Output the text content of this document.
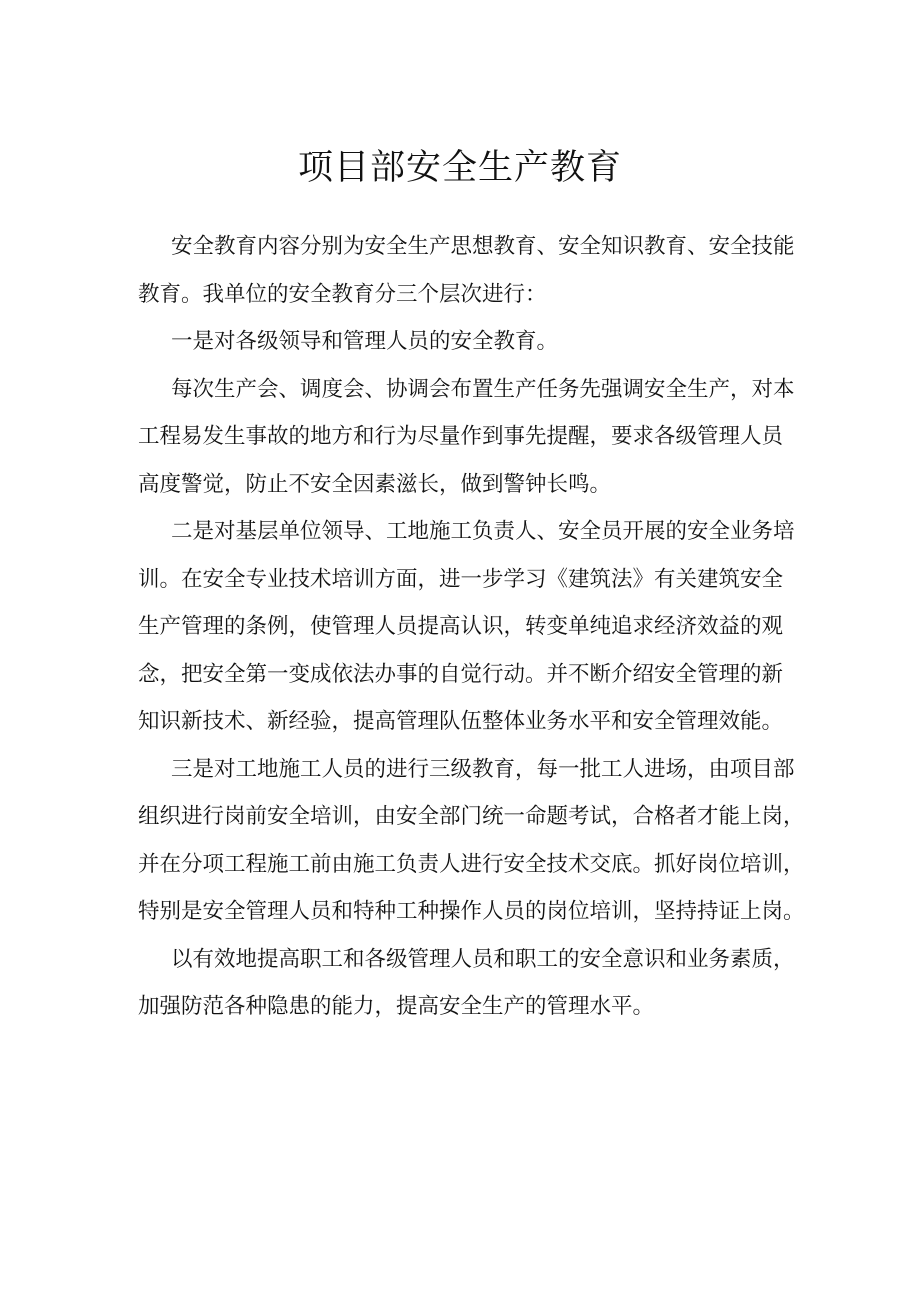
项目部安全生产教育

安全教育内容分别为安全生产思想教育、安全知识教育、安全技能
教育。我单位的安全教育分三个层次进行：

一是对各级领导和管理人员的安全教育。

每次生产会、调度会、协调会布置生产任务先强调安全生产，对本
工程易发生事故的地方和行为尽量作到事先提醒，要求各级管理人员
高度警觉，防止不安全因素滋长，做到警钟长鸣。

二是对基层单位领导、工地施工负责人、安全员开展的安全业务培
训。在安全专业技术培训方面，进一步学习《建筑法》有关建筑安全
生产管理的条例，使管理人员提高认识，转变单纯追求经济效益的观
念，把安全第一变成依法办事的自觉行动。并不断介绍安全管理的新
知识新技术、新经验，提高管理队伍整体业务水平和安全管理效能。

三是对工地施工人员的进行三级教育，每一批工人进场，由项目部
组织进行岗前安全培训，由安全部门统一命题考试，合格者才能上岗，
并在分项工程施工前由施工负责人进行安全技术交底。抓好岗位培训，
特别是安全管理人员和特种工种操作人员的岗位培训，坚持持证上岗。

以有效地提高职工和各级管理人员和职工的安全意识和业务素质，
加强防范各种隐患的能力，提高安全生产的管理水平。
